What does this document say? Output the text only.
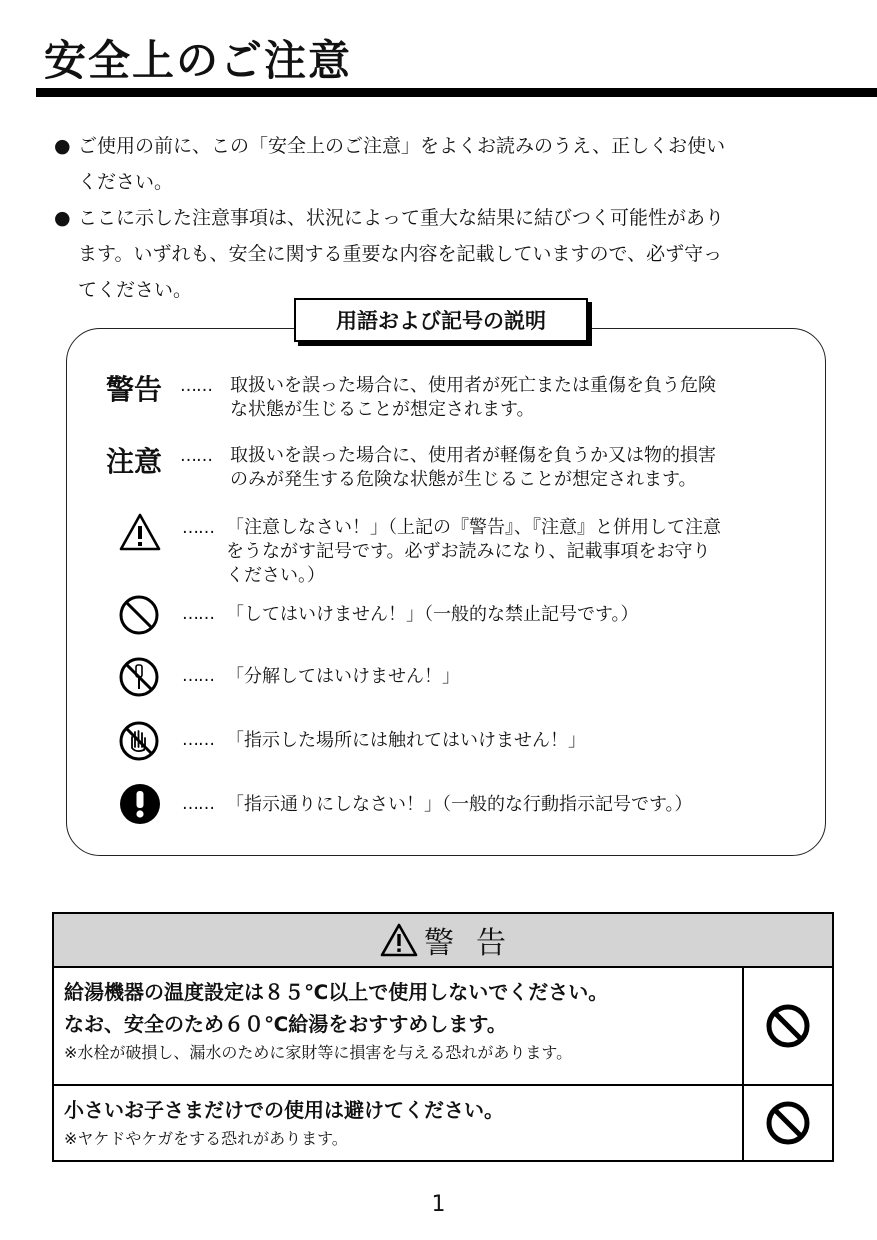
安全上のご注意
● ご使用の前に、この「安全上のご注意」をよくお読みのうえ、正しくお使い
ください。
● ここに示した注意事項は、状況によって重大な結果に結びつく可能性があり
ます。いずれも、安全に関する重要な内容を記載していますので、必ず守っ
てください。
用語および記号の説明
警告 …… 取扱いを誤った場合に、使用者が死亡または重傷を負う危険
な状態が生じることが想定されます。
注意 …… 取扱いを誤った場合に、使用者が軽傷を負うか又は物的損害
のみが発生する危険な状態が生じることが想定されます。
…… 「注意しなさい！」（上記の『警告』、『注意』と併用して注意
をうながす記号です。必ずお読みになり、記載事項をお守り
ください。）
…… 「してはいけません！」（一般的な禁止記号です。）
…… 「分解してはいけません！」
…… 「指示した場所には触れてはいけません！」
…… 「指示通りにしなさい！」（一般的な行動指示記号です。）
警告
給湯機器の温度設定は８５℃以上で使用しないでください。
なお、安全のため６０℃給湯をおすすめします。
※水栓が破損し、漏水のために家財等に損害を与える恐れがあります。
小さいお子さまだけでの使用は避けてください。
※ヤケドやケガをする恐れがあります。
1
